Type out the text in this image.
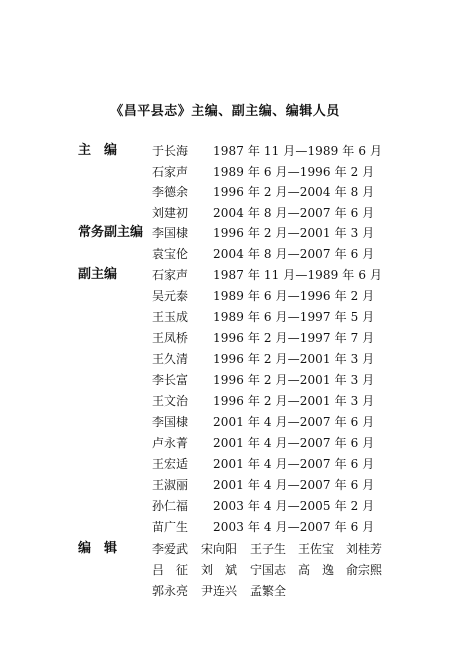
《昌平县志》主编、副主编、编辑人员
主　编
常务副主编
副主编
编　辑
于长海 1987 年 11 月—1989 年 6 月
石家声 1989 年 6 月—1996 年 2 月
李德余 1996 年 2 月—2004 年 8 月
刘建初 2004 年 8 月—2007 年 6 月
李国棣 1996 年 2 月—2001 年 3 月
袁宝伦 2004 年 8 月—2007 年 6 月
石家声 1987 年 11 月—1989 年 6 月
吴元泰 1989 年 6 月—1996 年 2 月
王玉成 1989 年 6 月—1997 年 5 月
王凤桥 1996 年 2 月—1997 年 7 月
王久清 1996 年 2 月—2001 年 3 月
李长富 1996 年 2 月—2001 年 3 月
王文治 1996 年 2 月—2001 年 3 月
李国棣 2001 年 4 月—2007 年 6 月
卢永菁 2001 年 4 月—2007 年 6 月
王宏适 2001 年 4 月—2007 年 6 月
王淑丽 2001 年 4 月—2007 年 6 月
孙仁福 2003 年 4 月—2005 年 2 月
苗广生 2003 年 4 月—2007 年 6 月
李爱武 宋向阳 王子生 王佐宝 刘桂芳
吕　征 刘　斌 宁国志 高　逸 俞宗熙
郭永亮 尹连兴 孟繁全
